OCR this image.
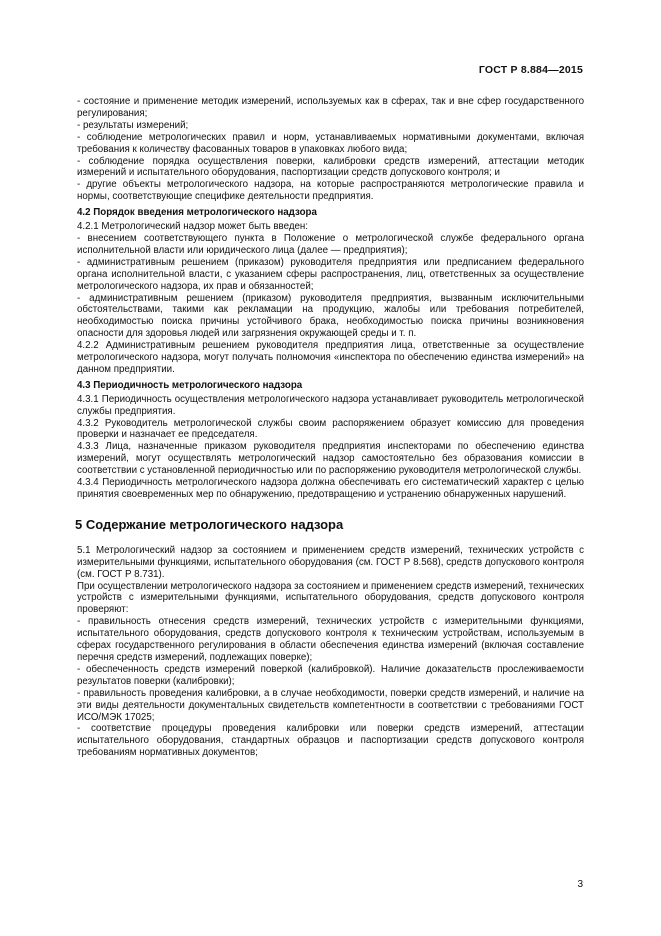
ГОСТ Р 8.884—2015

- состояние и применение методик измерений, используемых как в сферах, так и вне сфер государственного регулирования;

- результаты измерений;

- соблюдение метрологических правил и норм, устанавливаемых нормативными документами, включая требования к количеству фасованных товаров в упаковках любого вида;

- соблюдение порядка осуществления поверки, калибровки средств измерений, аттестации методик измерений и испытательного оборудования, паспортизации средств допускового контроля; и

- другие объекты метрологического надзора, на которые распространяются метрологические правила и нормы, соответствующие специфике деятельности предприятия.

4.2 Порядок введения метрологического надзора

4.2.1 Метрологический надзор может быть введен:

- внесением соответствующего пункта в Положение о метрологической службе федерального органа исполнительной власти или юридического лица (далее — предприятия);

- административным решением (приказом) руководителя предприятия или предписанием федерального органа исполнительной власти, с указанием сферы распространения, лиц, ответственных за осуществление метрологического надзора, их прав и обязанностей;

- административным решением (приказом) руководителя предприятия, вызванным исключительными обстоятельствами, такими как рекламации на продукцию, жалобы или требования потребителей, необходимостью поиска причины устойчивого брака, необходимостью поиска причины возникновения опасности для здоровья людей или загрязнения окружающей среды и т. п.

4.2.2 Административным решением руководителя предприятия лица, ответственные за осуществление метрологического надзора, могут получать полномочия «инспектора по обеспечению единства измерений» на данном предприятии.

4.3 Периодичность метрологического надзора

4.3.1 Периодичность осуществления метрологического надзора устанавливает руководитель метрологической службы предприятия.

4.3.2 Руководитель метрологической службы своим распоряжением образует комиссию для проведения проверки и назначает ее председателя.

4.3.3 Лица, назначенные приказом руководителя предприятия инспекторами по обеспечению единства измерений, могут осуществлять метрологический надзор самостоятельно без образования комиссии в соответствии с установленной периодичностью или по распоряжению руководителя метрологической службы.

4.3.4 Периодичность метрологического надзора должна обеспечивать его систематический характер с целью принятия своевременных мер по обнаружению, предотвращению и устранению обнаруженных нарушений.

5 Содержание метрологического надзора

5.1 Метрологический надзор за состоянием и применением средств измерений, технических устройств с измерительными функциями, испытательного оборудования (см. ГОСТ Р 8.568), средств допускового контроля (см. ГОСТ Р 8.731).

При осуществлении метрологического надзора за состоянием и применением средств измерений, технических устройств с измерительными функциями, испытательного оборудования, средств допускового контроля проверяют:

- правильность отнесения средств измерений, технических устройств с измерительными функциями, испытательного оборудования, средств допускового контроля к техническим устройствам, используемым в сферах государственного регулирования в области обеспечения единства измерений (включая составление перечня средств измерений, подлежащих поверке);

- обеспеченность средств измерений поверкой (калибровкой). Наличие доказательств прослеживаемости результатов поверки (калибровки);

- правильность проведения калибровки, а в случае необходимости, поверки средств измерений, и наличие на эти виды деятельности документальных свидетельств компетентности в соответствии с требованиями ГОСТ ИСО/МЭК 17025;

- соответствие процедуры проведения калибровки или поверки средств измерений, аттестации испытательного оборудования, стандартных образцов и паспортизации средств допускового контроля требованиям нормативных документов;

3
